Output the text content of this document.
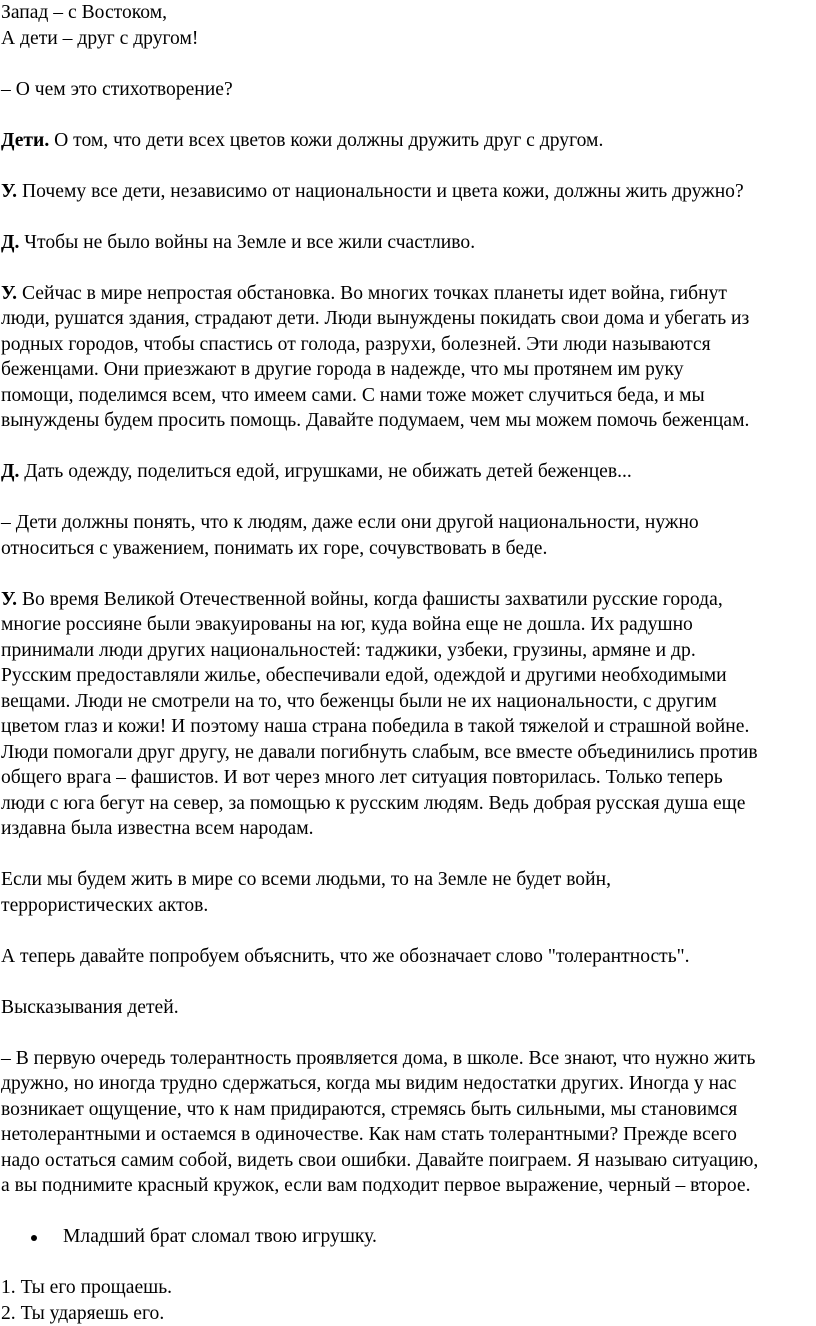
Запад – с Востоком,
А дети – друг с другом!
– О чем это стихотворение?

Дети. О том, что дети всех цветов кожи должны дружить друг с другом.

У. Почему все дети, независимо от национальности и цвета кожи, должны жить дружно?

Д. Чтобы не было войны на Земле и все жили счастливо.

У. Сейчас в мире непростая обстановка. Во многих точках планеты идет война, гибнут
люди, рушатся здания, страдают дети. Люди вынуждены покидать свои дома и убегать из
родных городов, чтобы спастись от голода, разрухи, болезней. Эти люди называются
беженцами. Они приезжают в другие города в надежде, что мы протянем им руку
помощи, поделимся всем, что имеем сами. С нами тоже может случиться беда, и мы
вынуждены будем просить помощь. Давайте подумаем, чем мы можем помочь беженцам.

Д. Дать одежду, поделиться едой, игрушками, не обижать детей беженцев...

– Дети должны понять, что к людям, даже если они другой национальности, нужно
относиться с уважением, понимать их горе, сочувствовать в беде.
У. Во время Великой Отечественной войны, когда фашисты захватили русские города,
многие россияне были эвакуированы на юг, куда война еще не дошла. Их радушно
принимали люди других национальностей: таджики, узбеки, грузины, армяне и др.
Русским предоставляли жилье, обеспечивали едой, одеждой и другими необходимыми
вещами. Люди не смотрели на то, что беженцы были не их национальности, с другим
цветом глаз и кожи! И поэтому наша страна победила в такой тяжелой и страшной войне.
Люди помогали друг другу, не давали погибнуть слабым, все вместе объединились против
общего врага – фашистов. И вот через много лет ситуация повторилась. Только теперь
люди с юга бегут на север, за помощью к русским людям. Ведь добрая русская душа еще
издавна была известна всем народам.
Если мы будем жить в мире со всеми людьми, то на Земле не будет войн,
террористических актов.
А теперь давайте попробуем объяснить, что же обозначает слово "толерантность".
Высказывания детей.
– В первую очередь толерантность проявляется дома, в школе. Все знают, что нужно жить
дружно, но иногда трудно сдержаться, когда мы видим недостатки других. Иногда у нас
возникает ощущение, что к нам придираются, стремясь быть сильными, мы становимся
нетолерантными и остаемся в одиночестве. Как нам стать толерантными? Прежде всего
надо остаться самим собой, видеть свои ошибки. Давайте поиграем. Я называю ситуацию,
а вы поднимите красный кружок, если вам подходит первое выражение, черный – второе.
Младший брат сломал твою игрушку.
1. Ты его прощаешь.
2. Ты ударяешь его.
